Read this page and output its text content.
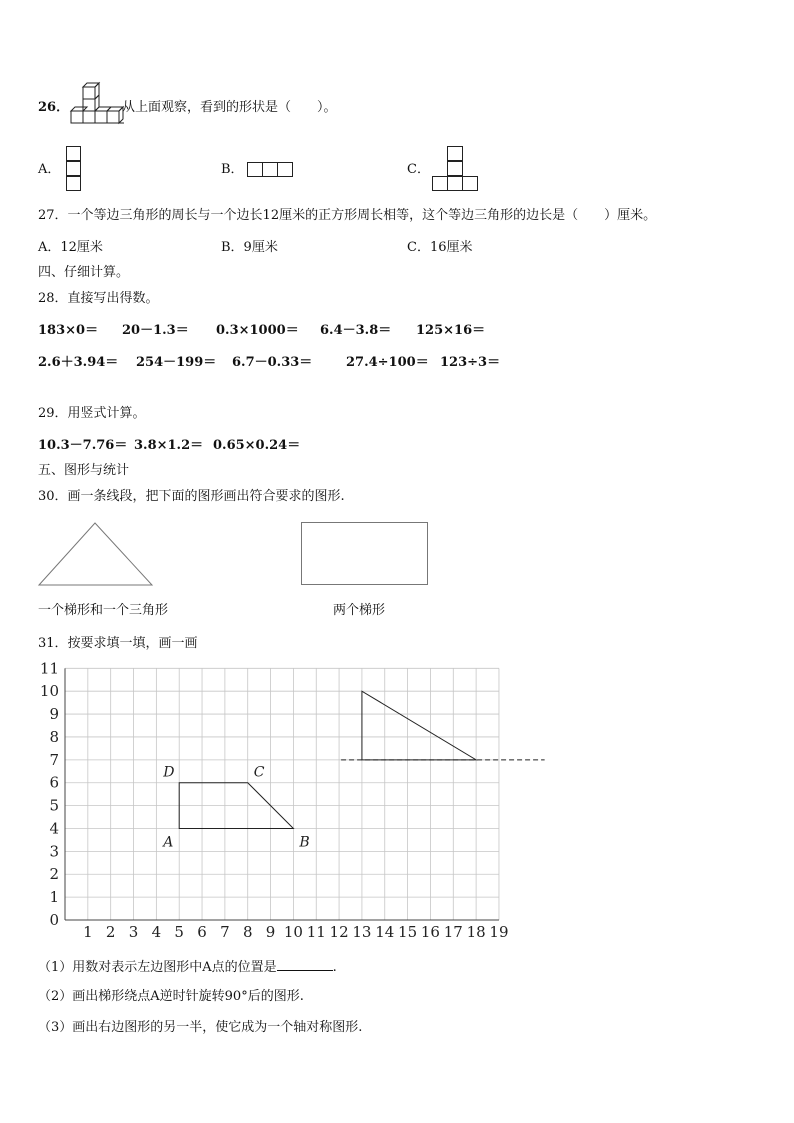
26．	从上面观察，看到的形状是（　　）。
A．	B．	C．
27．一个等边三角形的周长与一个边长12厘米的正方形周长相等，这个等边三角形的边长是（　　）厘米。
A．12厘米	B．9厘米	C．16厘米
四、仔细计算。
28．直接写出得数。
183×0＝ 20－1.3＝ 0.3×1000＝ 6.4－3.8＝ 125×16＝
2.6＋3.94＝ 254－199＝ 6.7－0.33＝	27.4÷100＝ 123÷3＝
29．用竖式计算。
10.3－7.76＝ 3.8×1.2＝ 0.65×0.24＝
五、图形与统计
30．画一条线段，把下面的图形画出符合要求的图形.
一个梯形和一个三角形	两个梯形
31．按要求填一填，画一画
1 2 3 4 5 6 7 8 9 10 11 12 13 14 15 16 17 18 19
0
1
2
3
4
5
6
7
8
9
10
11
A	B
C
D
（1）用数对表示左边图形中A点的位置是	.
（2）画出梯形绕点A逆时针旋转90°后的图形.
（3）画出右边图形的另一半，使它成为一个轴对称图形.
